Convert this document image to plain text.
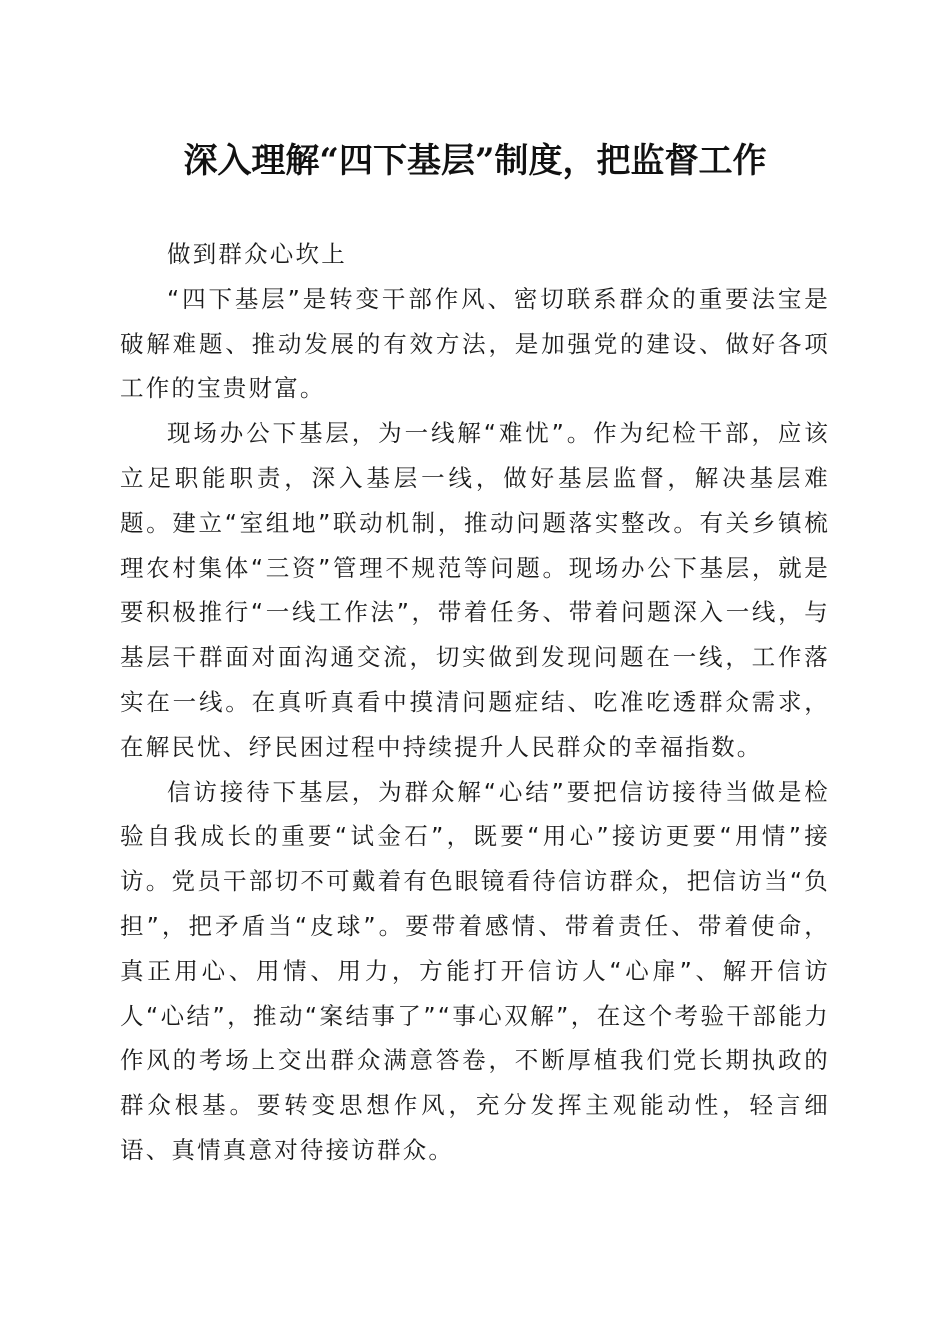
深入理解“四下基层”制度，把监督工作

做到群众心坎上

“四下基层”是转变干部作风、密切联系群众的重要法宝是破解难题、推动发展的有效方法，是加强党的建设、做好各项工作的宝贵财富。

现场办公下基层，为一线解“难忧”。作为纪检干部，应该立足职能职责，深入基层一线，做好基层监督，解决基层难题。建立“室组地”联动机制，推动问题落实整改。有关乡镇梳理农村集体“三资”管理不规范等问题。现场办公下基层，就是要积极推行“一线工作法”，带着任务、带着问题深入一线，与基层干群面对面沟通交流，切实做到发现问题在一线，工作落实在一线。在真听真看中摸清问题症结、吃准吃透群众需求，在解民忧、纾民困过程中持续提升人民群众的幸福指数。

信访接待下基层，为群众解“心结”要把信访接待当做是检验自我成长的重要“试金石”，既要“用心”接访更要“用情”接访。党员干部切不可戴着有色眼镜看待信访群众，把信访当“负担”，把矛盾当“皮球”。要带着感情、带着责任、带着使命，真正用心、用情、用力，方能打开信访人“心扉”、解开信访人“心结”，推动“案结事了”“事心双解”，在这个考验干部能力作风的考场上交出群众满意答卷，不断厚植我们党长期执政的群众根基。要转变思想作风，充分发挥主观能动性，轻言细语、真情真意对待接访群众。
